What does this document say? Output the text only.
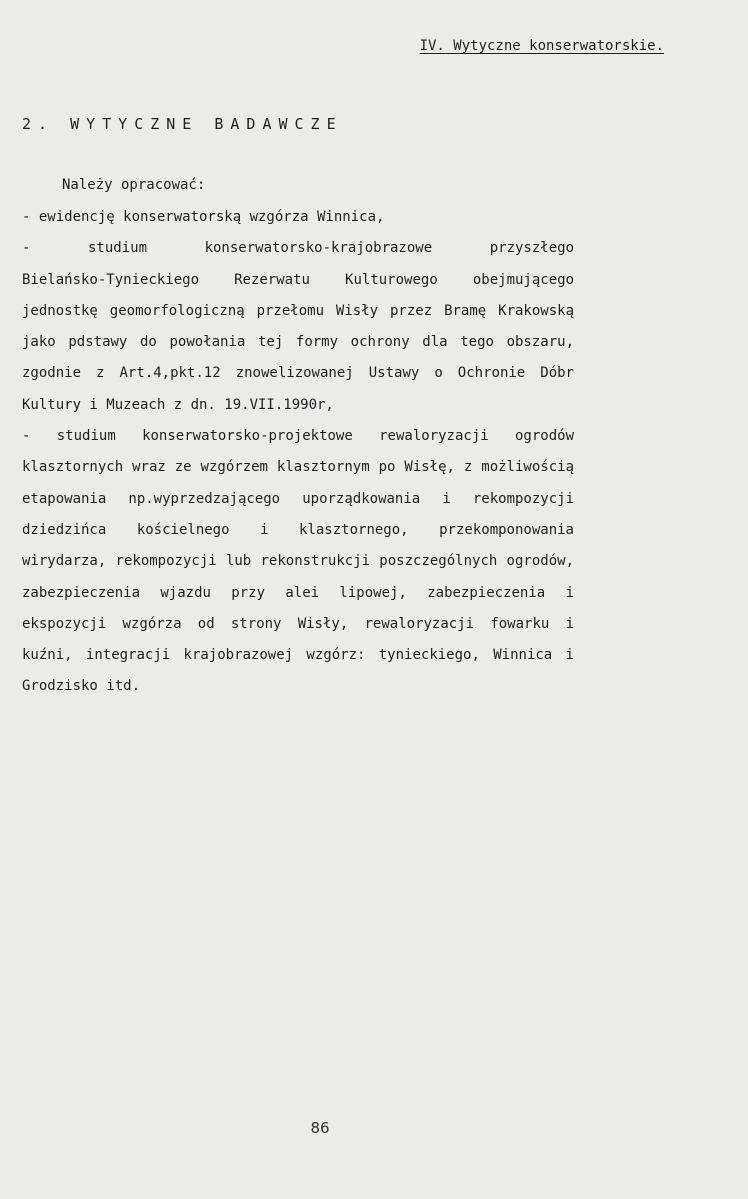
IV. Wytyczne konserwatorskie.
2. WYTYCZNE BADAWCZE
Należy opracować:
- ewidencję konserwatorską wzgórza Winnica,
- studium konserwatorsko-krajobrazowe przyszłego
Bielańsko-Tynieckiego Rezerwatu Kulturowego obejmującego
jednostkę geomorfologiczną przełomu Wisły przez Bramę Krakowską
jako pdstawy do powołania tej formy ochrony dla tego obszaru,
zgodnie z Art.4,pkt.12 znowelizowanej Ustawy o Ochronie Dóbr
Kultury i Muzeach z dn. 19.VII.1990r,
- studium konserwatorsko-projektowe rewaloryzacji ogrodów
klasztornych wraz ze wzgórzem klasztornym po Wisłę, z możliwością
etapowania np.wyprzedzającego uporządkowania i rekompozycji
dziedzińca kościelnego i klasztornego, przekomponowania
wirydarza, rekompozycji lub rekonstrukcji poszczególnych ogrodów,
zabezpieczenia wjazdu przy alei lipowej, zabezpieczenia i
ekspozycji wzgórza od strony Wisły, rewaloryzacji fowarku i
kuźni, integracji krajobrazowej wzgórz: tynieckiego, Winnica i
Grodzisko itd.
86
